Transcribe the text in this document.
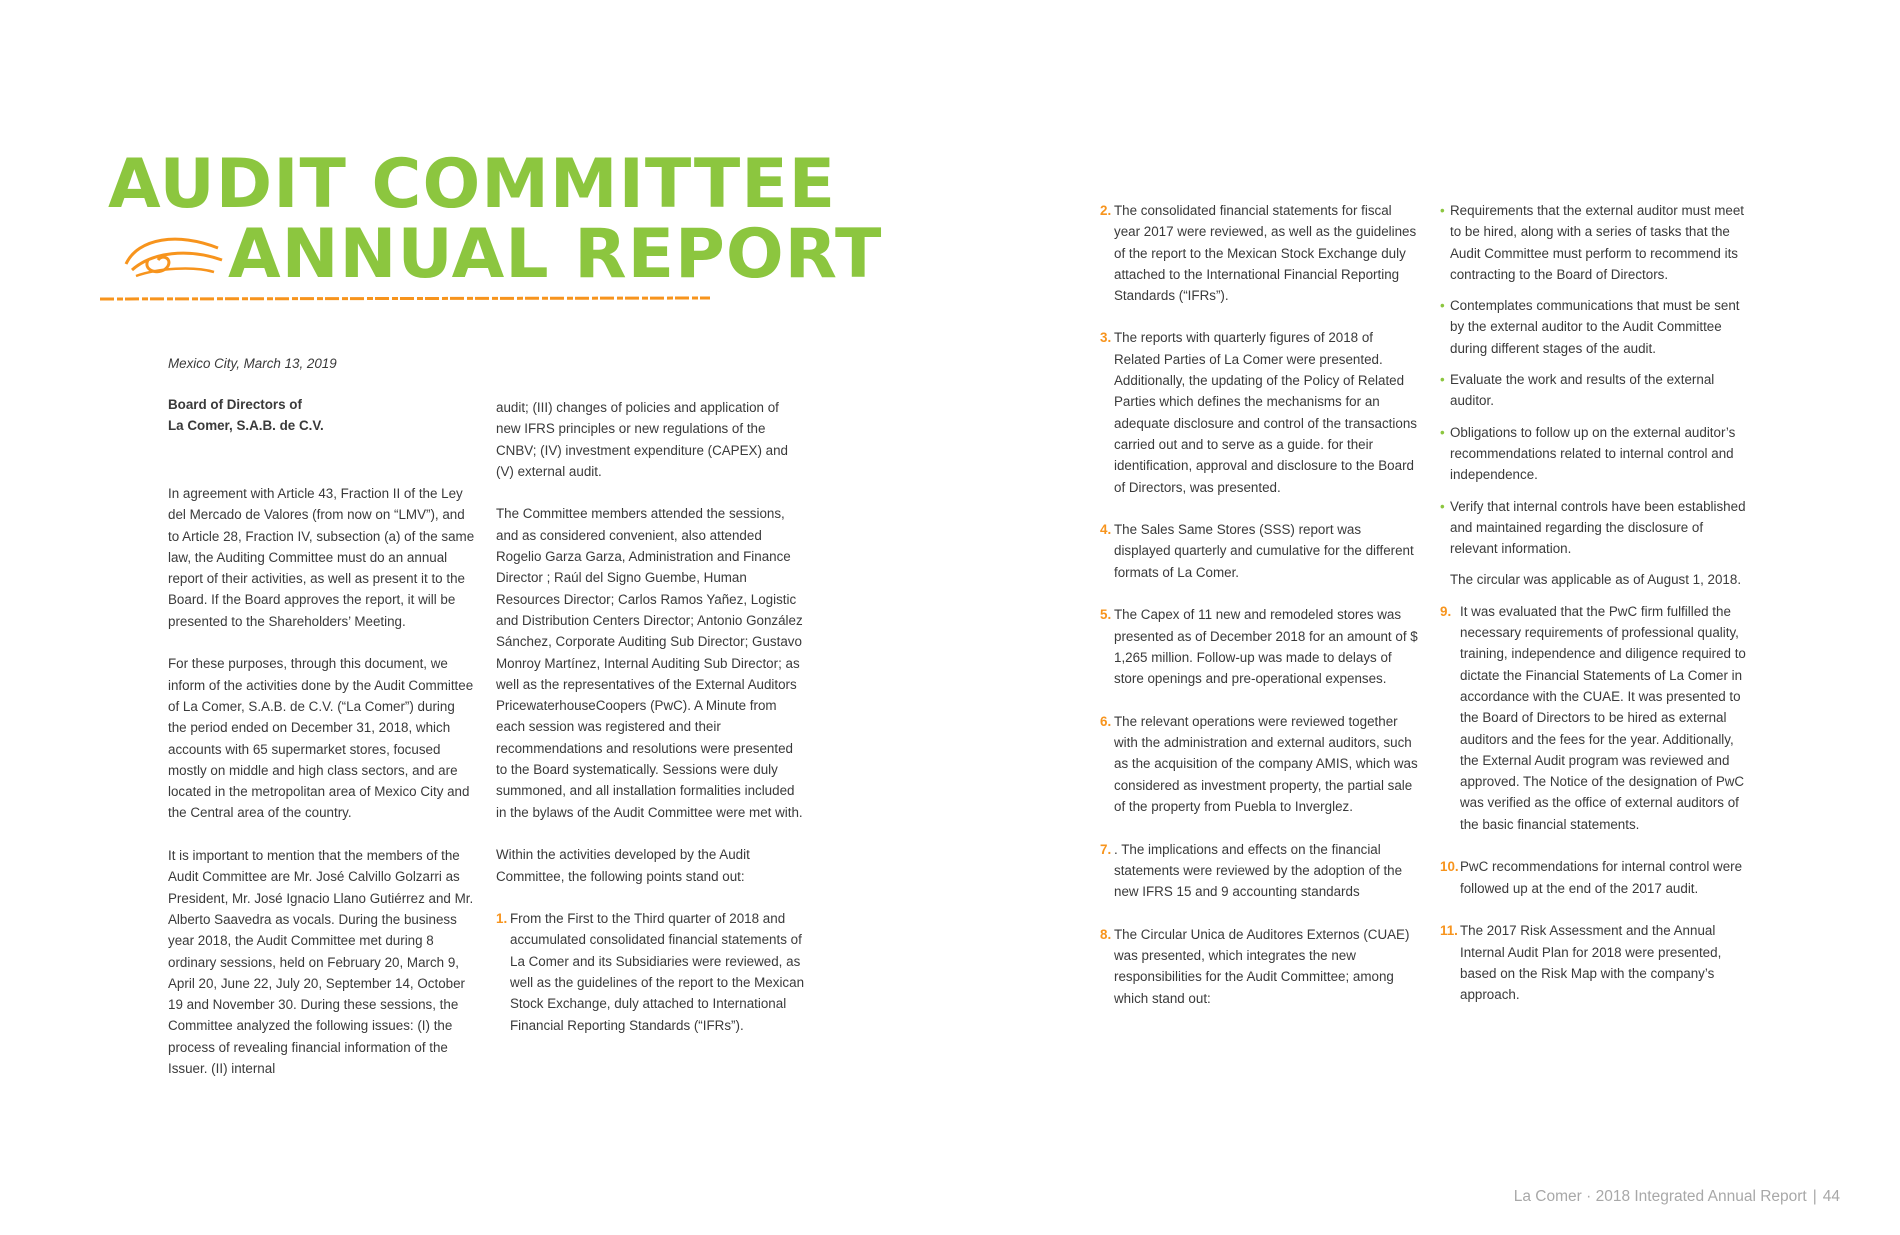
AUDIT COMMITTEE
ANNUAL REPORT
Mexico City, March 13, 2019
Board of Directors of
La Comer, S.A.B. de C.V.

In agreement with Article 43, Fraction II of the Ley del Mercado de Valores (from now on “LMV”), and to Article 28, Fraction IV, subsection (a) of the same law, the Auditing Committee must do an annual report of their activities, as well as present it to the Board. If the Board approves the report, it will be presented to the Shareholders’ Meeting.

For these purposes, through this document, we inform of the activities done by the Audit Committee of La Comer, S.A.B. de C.V. (“La Comer”) during the period ended on December 31, 2018, which accounts with 65 supermarket stores, focused mostly on middle and high class sectors, and are located in the metropolitan area of Mexico City and the Central area of the country.

It is important to mention that the members of the Audit Committee are Mr. José Calvillo Golzarri as President, Mr. José Ignacio Llano Gutiérrez and Mr. Alberto Saavedra as vocals. During the business year 2018, the Audit Committee met during 8 ordinary sessions, held on February 20, March 9, April 20, June 22, July 20, September 14, October 19 and November 30. During these sessions, the Committee analyzed the following issues: (I) the process of revealing financial information of the Issuer. (II) internal

audit; (III) changes of policies and application of new IFRS principles or new regulations of the CNBV; (IV) investment expenditure (CAPEX) and (V) external audit.

The Committee members attended the sessions, and as considered convenient, also attended Rogelio Garza Garza, Administration and Finance Director ; Raúl del Signo Guembe, Human Resources Director; Carlos Ramos Yañez, Logistic and Distribution Centers Director; Antonio González Sánchez, Corporate Auditing Sub Director; Gustavo Monroy Martínez, Internal Auditing Sub Director; as well as the representatives of the External Auditors PricewaterhouseCoopers (PwC). A Minute from each session was registered and their recommendations and resolutions were presented to the Board systematically. Sessions were duly summoned, and all installation formalities included in the bylaws of the Audit Committee were met with.

Within the activities developed by the Audit Committee, the following points stand out:

1. From the First to the Third quarter of 2018 and accumulated consolidated financial statements of La Comer and its Subsidiaries were reviewed, as well as the guidelines of the report to the Mexican Stock Exchange, duly attached to International Financial Reporting Standards (“IFRs”).
2. The consolidated financial statements for fiscal year 2017 were reviewed, as well as the guidelines of the report to the Mexican Stock Exchange duly attached to the International Financial Reporting Standards (“IFRs”).
3. The reports with quarterly figures of 2018 of Related Parties of La Comer were presented. Additionally, the updating of the Policy of Related Parties which defines the mechanisms for an adequate disclosure and control of the transactions carried out and to serve as a guide. for their identification, approval and disclosure to the Board of Directors, was presented.
4. The Sales Same Stores (SSS) report was displayed quarterly and cumulative for the different formats of La Comer.
5. The Capex of 11 new and remodeled stores was presented as of December 2018 for an amount of $ 1,265 million. Follow-up was made to delays of store openings and pre-operational expenses.
6. The relevant operations were reviewed together with the administration and external auditors, such as the acquisition of the company AMIS, which was considered as investment property, the partial sale of the property from Puebla to Inverglez.
7. . The implications and effects on the financial statements were reviewed by the adoption of the new IFRS 15 and 9 accounting standards
8. The Circular Unica de Auditores Externos (CUAE) was presented, which integrates the new responsibilities for the Audit Committee; among which stand out:
• Requirements that the external auditor must meet to be hired, along with a series of tasks that the Audit Committee must perform to recommend its contracting to the Board of Directors.
• Contemplates communications that must be sent by the external auditor to the Audit Committee during different stages of the audit.
• Evaluate the work and results of the external auditor.
• Obligations to follow up on the external auditor’s recommendations related to internal control and independence.
• Verify that internal controls have been established and maintained regarding the disclosure of relevant information.

The circular was applicable as of August 1, 2018.

9. It was evaluated that the PwC firm fulfilled the necessary requirements of professional quality, training, independence and diligence required to dictate the Financial Statements of La Comer in accordance with the CUAE. It was presented to the Board of Directors to be hired as external auditors and the fees for the year. Additionally, the External Audit program was reviewed and approved. The Notice of the designation of PwC was verified as the office of external auditors of the basic financial statements.
10. PwC recommendations for internal control were followed up at the end of the 2017 audit.
11. The 2017 Risk Assessment and the Annual Internal Audit Plan for 2018 were presented, based on the Risk Map with the company’s approach.
La Comer · 2018 Integrated Annual Report | 44
